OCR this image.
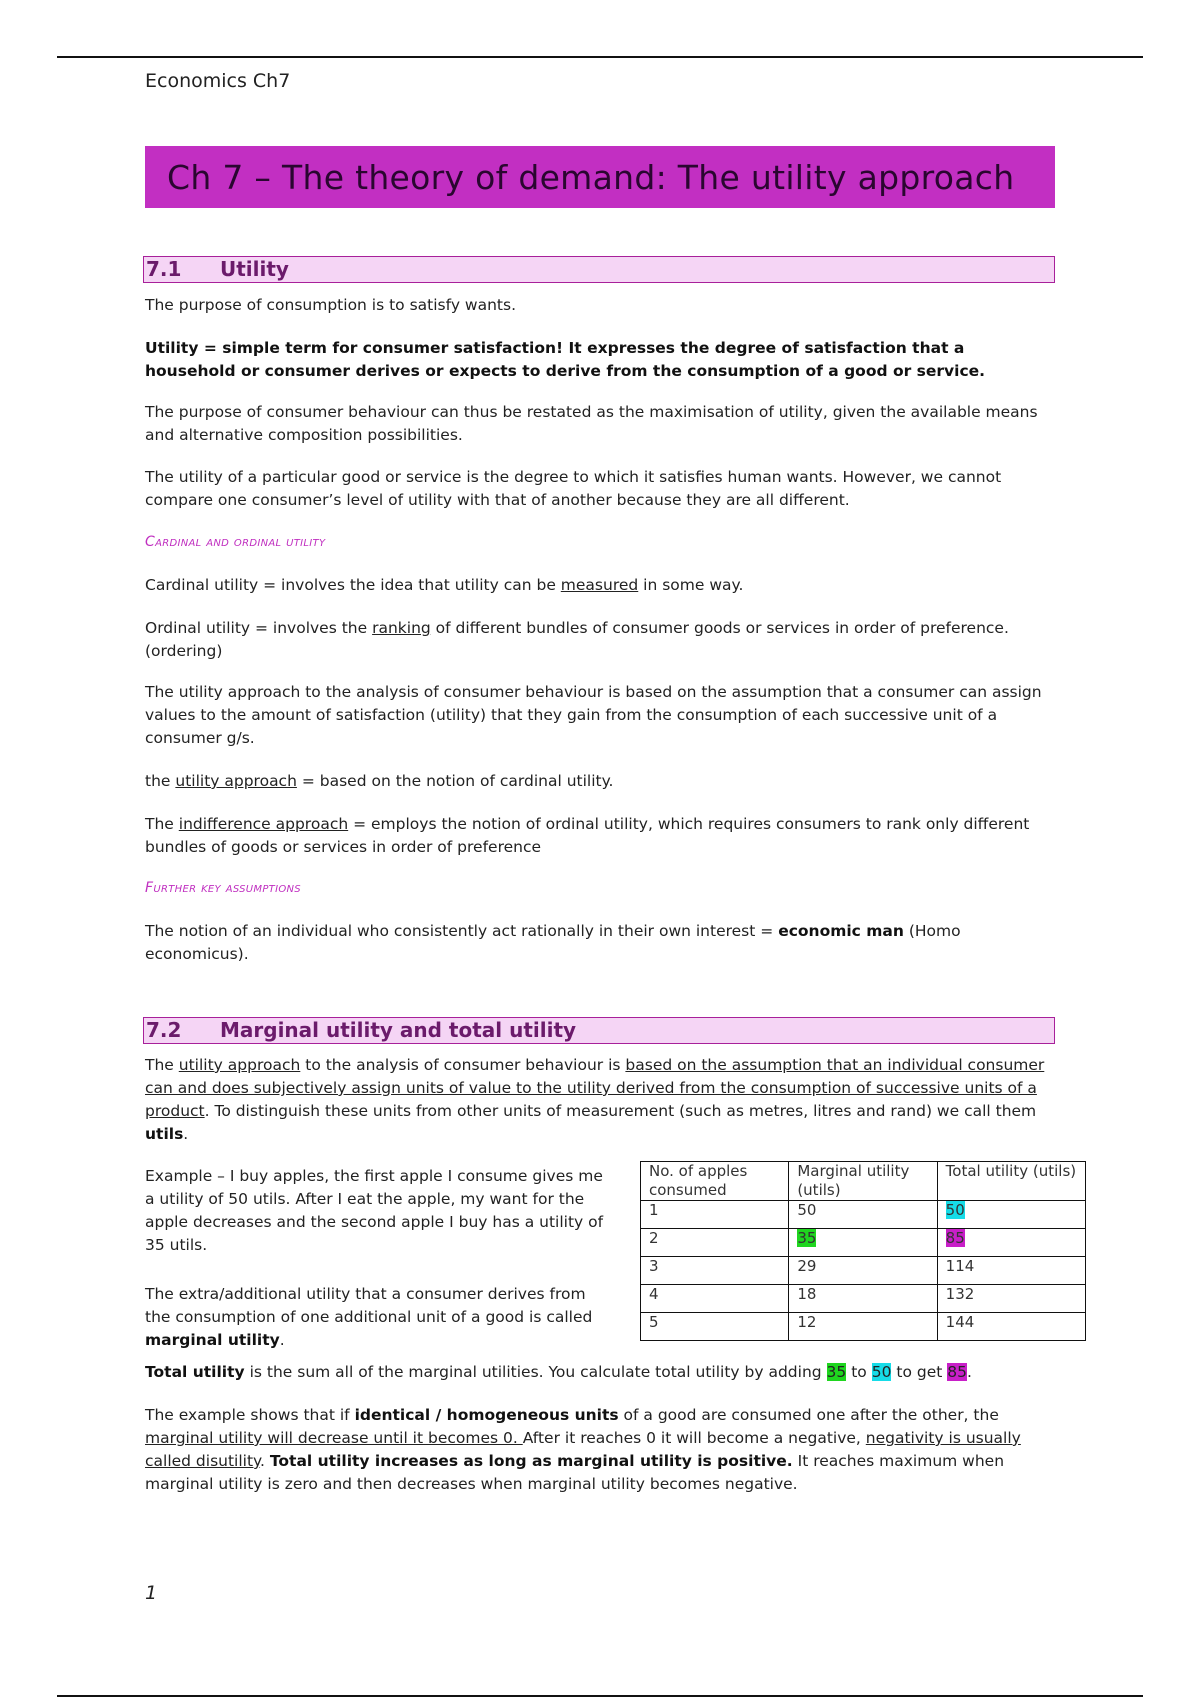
Economics Ch7
Ch 7 – The theory of demand: The utility approach
7.1 Utility

The purpose of consumption is to satisfy wants.

Utility = simple term for consumer satisfaction! It expresses the degree of satisfaction that a household or consumer derives or expects to derive from the consumption of a good or service.

The purpose of consumer behaviour can thus be restated as the maximisation of utility, given the available means and alternative composition possibilities.

The utility of a particular good or service is the degree to which it satisfies human wants. However, we cannot compare one consumer’s level of utility with that of another because they are all different.

Cardinal and ordinal utility

Cardinal utility = involves the idea that utility can be measured in some way.

Ordinal utility = involves the ranking of different bundles of consumer goods or services in order of preference. (ordering)

The utility approach to the analysis of consumer behaviour is based on the assumption that a consumer can assign values to the amount of satisfaction (utility) that they gain from the consumption of each successive unit of a consumer g/s.

the utility approach = based on the notion of cardinal utility.

The indifference approach = employs the notion of ordinal utility, which requires consumers to rank only different bundles of goods or services in order of preference

Further key assumptions

The notion of an individual who consistently act rationally in their own interest = economic man (Homo economicus).

7.2 Marginal utility and total utility

The utility approach to the analysis of consumer behaviour is based on the assumption that an individual consumer can and does subjectively assign units of value to the utility derived from the consumption of successive units of a product. To distinguish these units from other units of measurement (such as metres, litres and rand) we call them utils.

Example – I buy apples, the first apple I consume gives me a utility of 50 utils. After I eat the apple, my want for the apple decreases and the second apple I buy has a utility of 35 utils.

The extra/additional utility that a consumer derives from the consumption of one additional unit of a good is called marginal utility.

No. of apples consumed	Marginal utility (utils)	Total utility (utils)
1	50	50
2	35	85
3	29	114
4	18	132
5	12	144

Total utility is the sum all of the marginal utilities. You calculate total utility by adding 35 to 50 to get 85.

The example shows that if identical / homogeneous units of a good are consumed one after the other, the marginal utility will decrease until it becomes 0. After it reaches 0 it will become a negative, negativity is usually called disutility. Total utility increases as long as marginal utility is positive. It reaches maximum when marginal utility is zero and then decreases when marginal utility becomes negative.

1
